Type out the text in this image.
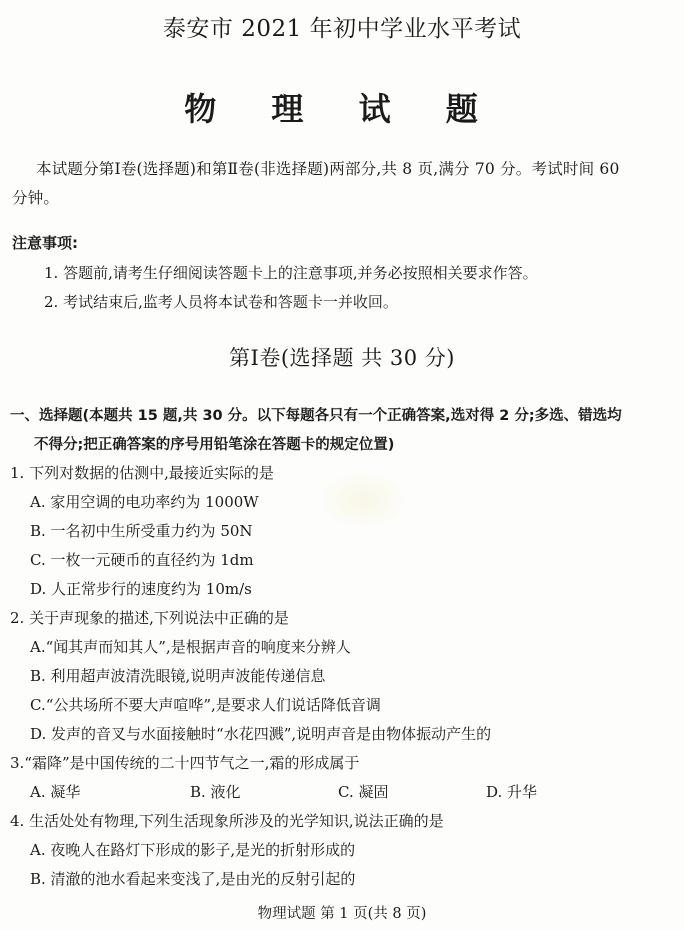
泰安市 2021 年初中学业水平考试
物 理 试 题
本试题分第Ⅰ卷(选择题)和第Ⅱ卷(非选择题)两部分,共 8 页,满分 70 分。考试时间 60
分钟。
注意事项:
1. 答题前,请考生仔细阅读答题卡上的注意事项,并务必按照相关要求作答。
2. 考试结束后,监考人员将本试卷和答题卡一并收回。
第Ⅰ卷(选择题 共 30 分)
一、选择题(本题共 15 题,共 30 分。以下每题各只有一个正确答案,选对得 2 分;多选、错选均
不得分;把正确答案的序号用铅笔涂在答题卡的规定位置)
1. 下列对数据的估测中,最接近实际的是
A. 家用空调的电功率约为 1000W
B. 一名初中生所受重力约为 50N
C. 一枚一元硬币的直径约为 1dm
D. 人正常步行的速度约为 10m/s
2. 关于声现象的描述,下列说法中正确的是
A.“闻其声而知其人”,是根据声音的响度来分辨人
B. 利用超声波清洗眼镜,说明声波能传递信息
C.“公共场所不要大声喧哗”,是要求人们说话降低音调
D. 发声的音叉与水面接触时“水花四溅”,说明声音是由物体振动产生的
3.“霜降”是中国传统的二十四节气之一,霜的形成属于
A. 凝华	B. 液化	C. 凝固	D. 升华
4. 生活处处有物理,下列生活现象所涉及的光学知识,说法正确的是
A. 夜晚人在路灯下形成的影子,是光的折射形成的
B. 清澈的池水看起来变浅了,是由光的反射引起的
物理试题 第 1 页(共 8 页)
